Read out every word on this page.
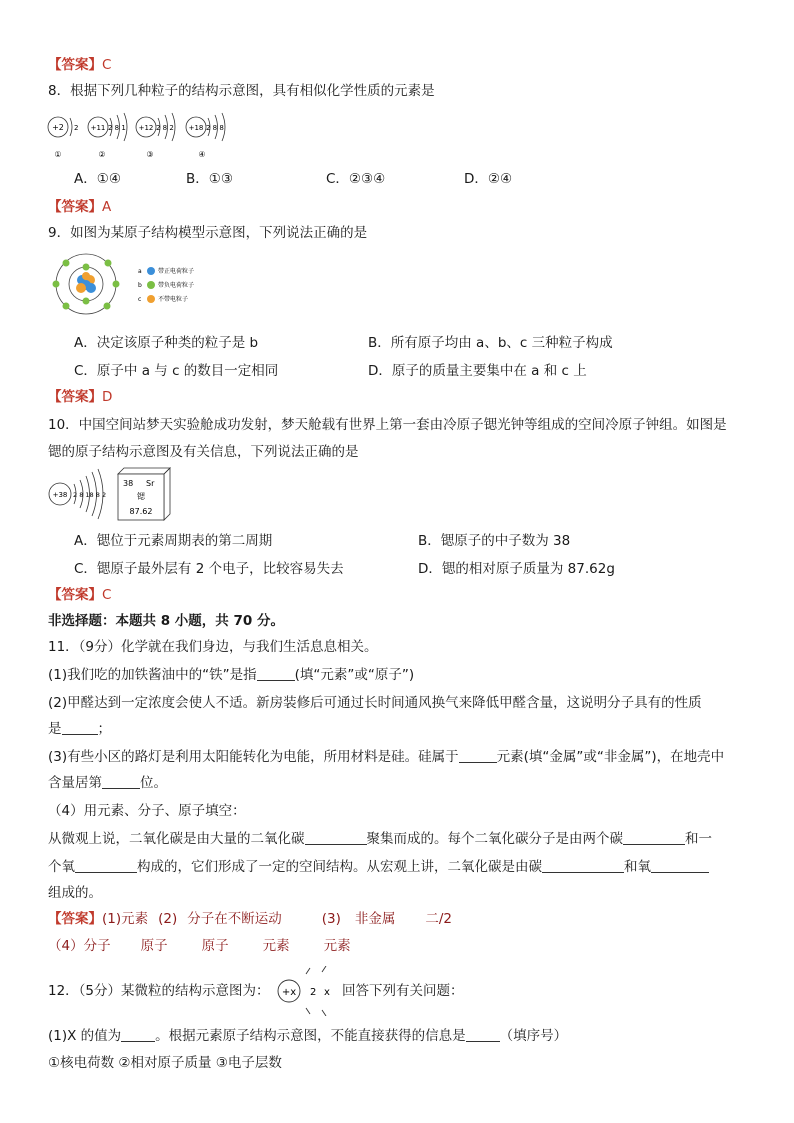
【答案】C
8．根据下列几种粒子的结构示意图，具有相似化学性质的元素是
+2 2
①
+11 2 8 1
②
+12 2 8 2
③
+18 2 8 8
④
A．①④	B．①③	C．②③④	D．②④
【答案】A
9．如图为某原子结构模型示意图，下列说法正确的是
a	带正电荷粒子
b	带负电荷粒子
c	不带电粒子
A．决定该原子种类的粒子是 b	B．所有原子均由 a、b、c 三种粒子构成
C．原子中 a 与 c 的数目一定相同	D．原子的质量主要集中在 a 和 c 上
【答案】D
10．中国空间站梦天实验舱成功发射，梦天舱载有世界上第一套由冷原子锶光钟等组成的空间冷原子钟组。如图是
锶的原子结构示意图及有关信息，下列说法正确的是
+38 2 8 18 8 2
38 Sr
锶
87.62
A．锶位于元素周期表的第二周期	B．锶原子的中子数为 38
C．锶原子最外层有 2 个电子，比较容易失去	D．锶的相对原子质量为 87.62g
【答案】C
非选择题：本题共 8 小题，共 70 分。
11．（9分）化学就在我们身边，与我们生活息息相关。
(1)我们吃的加铁酱油中的“铁”是指	(填“元素”或“原子”)
(2)甲醛达到一定浓度会使人不适。新房装修后可通过长时间通风换气来降低甲醛含量，这说明分子具有的性质
是	；
(3)有些小区的路灯是利用太阳能转化为电能，所用材料是硅。硅属于	元素(填“金属”或“非金属”)，在地壳中
含量居第	位。
（4）用元素、分子、原子填空：
从微观上说，二氧化碳是由大量的二氧化碳	聚集而成的。每个二氧化碳分子是由两个碳	和一
个氧	构成的，它们形成了一定的空间结构。从宏观上讲，二氧化碳是由碳	和氧
组成的。
【答案】(1)元素 (2) 分子在不断运动	(3) 非金属 二/2
（4）分子 原子	原子	元素	元素
12．（5分）某微粒的结构示意图为： +x 2 x 回答下列有关问题：
(1)X 的值为	。根据元素原子结构示意图，不能直接获得的信息是	（填序号）
①核电荷数 ②相对原子质量 ③电子层数
